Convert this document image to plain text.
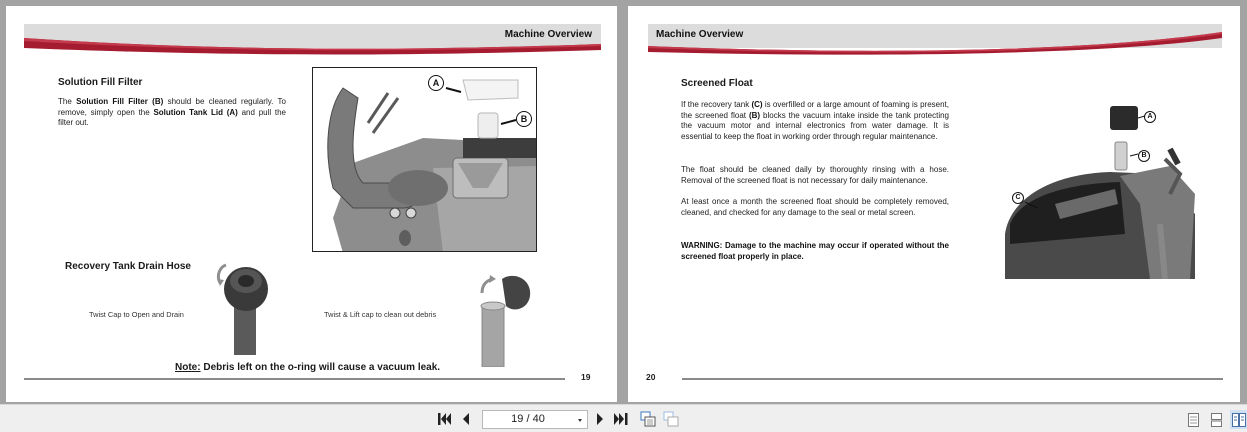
Machine Overview
Solution Fill Filter
The Solution Fill Filter (B) should be cleaned regularly. To remove, simply open the Solution Tank Lid (A) and pull the filter out.
A
B
Recovery Tank Drain Hose
Twist Cap to Open and Drain	Twist & Lift cap to clean out debris
Note: Debris left on the o-ring will cause a vacuum leak.
19
Machine Overview
Screened Float
If the recovery tank (C) is overfilled or a large amount of foaming is present, the screened float (B) blocks the vacuum intake inside the tank protecting the vacuum motor and internal electronics from water damage. It is essential to keep the float in working order through regular maintenance.
The float should be cleaned daily by thoroughly rinsing with a hose. Removal of the screened float is not necessary for daily maintenance.
At least once a month the screened float should be completely removed, cleaned, and checked for any damage to the seal or metal screen.
WARNING: Damage to the machine may occur if operated without the screened float properly in place.
A
B
C
20
19 / 40
